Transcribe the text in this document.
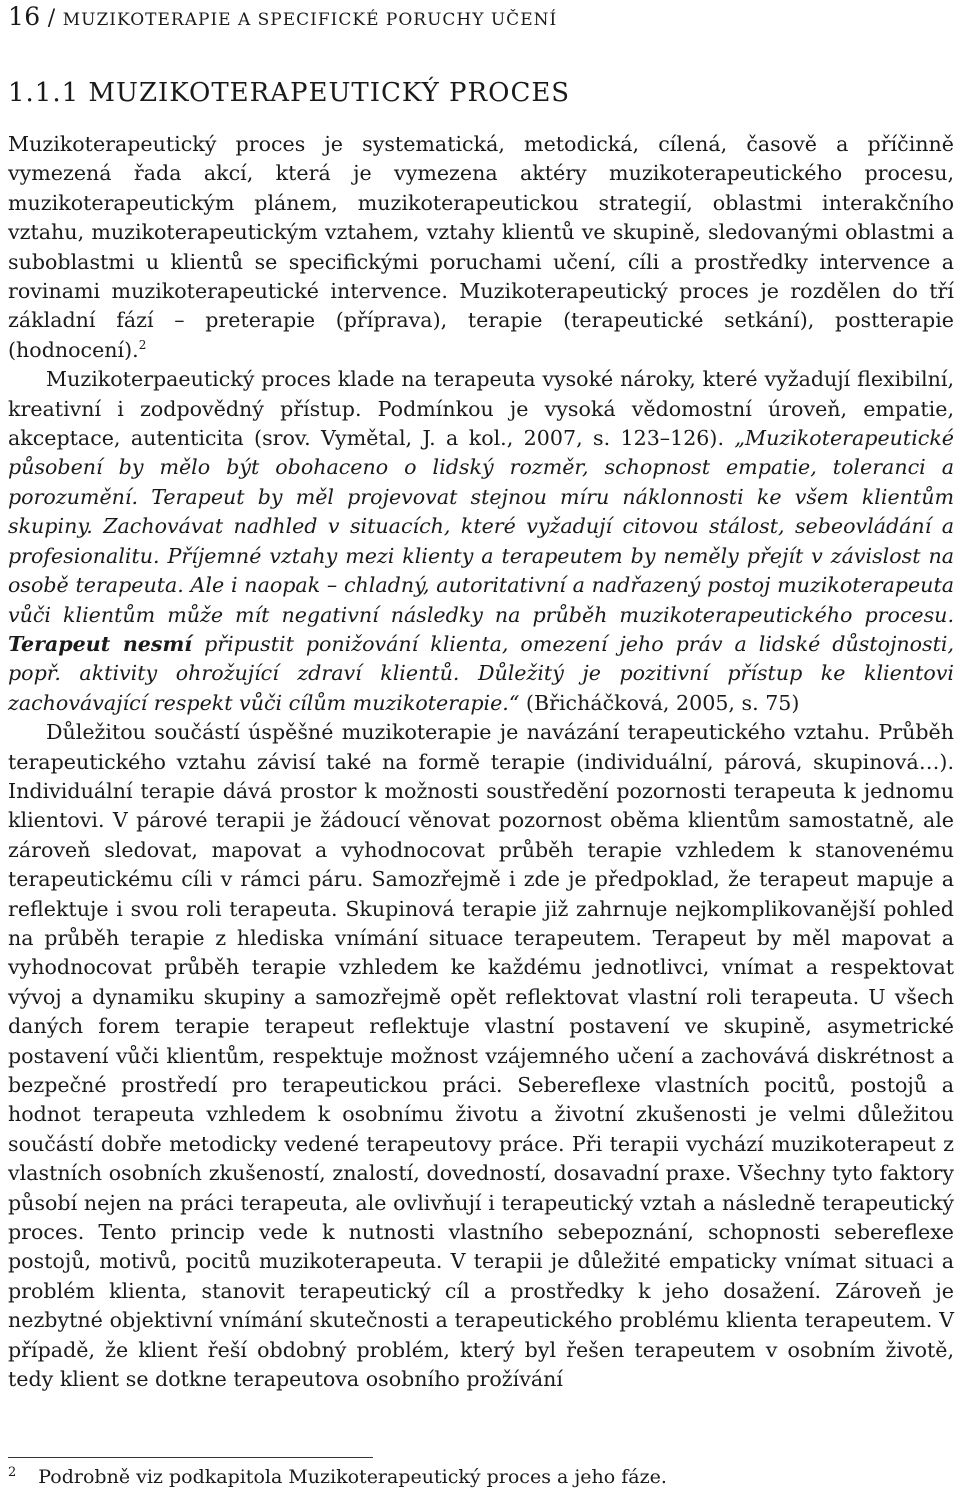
16 / MUZIKOTERAPIE A SPECIFICKÉ PORUCHY UČENÍ
1.1.1 MUZIKOTERAPEUTICKÝ PROCES

Muzikoterapeutický proces je systematická, metodická, cílená, časově a příčinně vymezená řada akcí, která je vymezena aktéry muzikoterapeutického procesu, muzikoterapeutickým plánem, muzikoterapeutickou strategií, oblastmi interakčního vztahu, muzikoterapeutickým vztahem, vztahy klientů ve skupině, sledovanými oblastmi a suboblastmi u klientů se specifickými poruchami učení, cíli a prostředky intervence a rovinami muzikoterapeutické intervence. Muzikoterapeutický proces je rozdělen do tří základní fází – preterapie (příprava), terapie (terapeutické setkání), postterapie (hodnocení).$^2$

Muzikoterpaeutický proces klade na terapeuta vysoké nároky, které vyžadují flexibilní, kreativní i zodpovědný přístup. Podmínkou je vysoká vědomostní úroveň, empatie, akceptace, autenticita (srov. Vymětal, J. a kol., 2007, s. 123–126). „Muzikoterapeutické působení by mělo být obohaceno o lidský rozměr, schopnost empatie, toleranci a porozumění. Terapeut by měl projevovat stejnou míru náklonnosti ke všem klientům skupiny. Zachovávat nadhled v situacích, které vyžadují citovou stálost, sebeovládání a profesionalitu. Příjemné vztahy mezi klienty a terapeutem by neměly přejít v závislost na osobě terapeuta. Ale i naopak – chladný, autoritativní a nadřazený postoj muzikoterapeuta vůči klientům může mít negativní následky na průběh muzikoterapeutického procesu. Terapeut nesmí připustit ponižování klienta, omezení jeho práv a lidské důstojnosti, popř. aktivity ohrožující zdraví klientů. Důležitý je pozitivní přístup ke klientovi zachovávající respekt vůči cílům muzikoterapie.“ (Břicháčková, 2005, s. 75)

Důležitou součástí úspěšné muzikoterapie je navázání terapeutického vztahu. Průběh terapeutického vztahu závisí také na formě terapie (individuální, párová, skupinová…). Individuální terapie dává prostor k možnosti soustředění pozornosti terapeuta k jednomu klientovi. V párové terapii je žádoucí věnovat pozornost oběma klientům samostatně, ale zároveň sledovat, mapovat a vyhodnocovat průběh terapie vzhledem k stanovenému terapeutickému cíli v rámci páru. Samozřejmě i zde je předpoklad, že terapeut mapuje a reflektuje i svou roli terapeuta. Skupinová terapie již zahrnuje nejkomplikovanější pohled na průběh terapie z hlediska vnímání situace terapeutem. Terapeut by měl mapovat a vyhodnocovat průběh terapie vzhledem ke každému jednotlivci, vnímat a respektovat vývoj a dynamiku skupiny a samozřejmě opět reflektovat vlastní roli terapeuta. U všech daných forem terapie terapeut reflektuje vlastní postavení ve skupině, asymetrické postavení vůči klientům, respektuje možnost vzájemného učení a zachovává diskrétnost a bezpečné prostředí pro terapeutickou práci. Sebereflexe vlastních pocitů, postojů a hodnot terapeuta vzhledem k osobnímu životu a životní zkušenosti je velmi důležitou součástí dobře metodicky vedené terapeutovy práce. Při terapii vychází muzikoterapeut z vlastních osobních zkušeností, znalostí, dovedností, dosavadní praxe. Všechny tyto faktory působí nejen na práci terapeuta, ale ovlivňují i terapeutický vztah a následně terapeutický proces. Tento princip vede k nutnosti vlastního sebepoznání, schopnosti sebereflexe postojů, motivů, pocitů muzikoterapeuta. V terapii je důležité empaticky vnímat situaci a problém klienta, stanovit terapeutický cíl a prostředky k jeho dosažení. Zároveň je nezbytné objektivní vnímání skutečnosti a terapeutického problému klienta terapeutem. V případě, že klient řeší obdobný problém, který byl řešen terapeutem v osobním životě, tedy klient se dotkne terapeutova osobního prožívání

$^2$ Podrobně viz podkapitola Muzikoterapeutický proces a jeho fáze.
